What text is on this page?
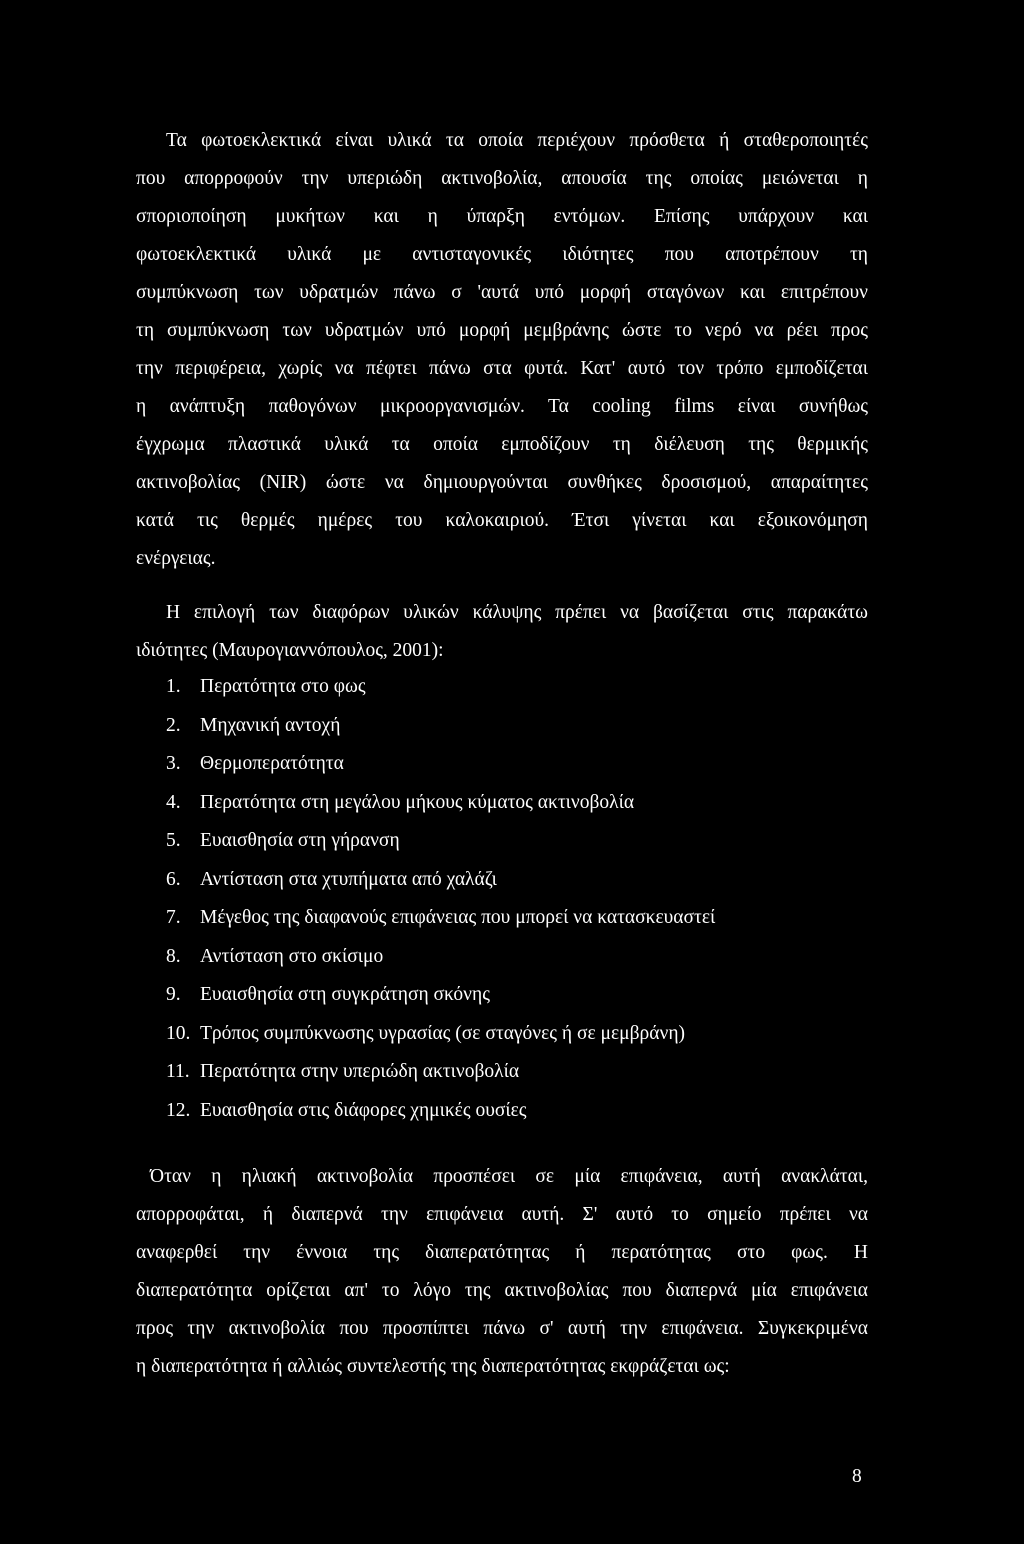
Τα φωτοεκλεκτικά είναι υλικά τα οποία περιέχουν πρόσθετα ή σταθεροποιητές
που απορροφούν την υπεριώδη ακτινοβολία, απουσία της οποίας μειώνεται η
σποριοποίηση μυκήτων και η ύπαρξη εντόμων. Επίσης υπάρχουν και
φωτοεκλεκτικά υλικά με αντισταγονικές ιδιότητες που αποτρέπουν τη
συμπύκνωση των υδρατμών πάνω σ 'αυτά υπό μορφή σταγόνων και επιτρέπουν
τη συμπύκνωση των υδρατμών υπό μορφή μεμβράνης ώστε το νερό να ρέει προς
την περιφέρεια, χωρίς να πέφτει πάνω στα φυτά. Κατ' αυτό τον τρόπο εμποδίζεται
η ανάπτυξη παθογόνων μικροοργανισμών. Τα cooling films είναι συνήθως
έγχρωμα πλαστικά υλικά τα οποία εμποδίζουν τη διέλευση της θερμικής
ακτινοβολίας (NIR) ώστε να δημιουργούνται συνθήκες δροσισμού, απαραίτητες
κατά τις θερμές ημέρες του καλοκαιριού. Έτσι γίνεται και εξοικονόμηση
ενέργειας.

Η επιλογή των διαφόρων υλικών κάλυψης πρέπει να βασίζεται στις παρακάτω
ιδιότητες (Μαυρογιαννόπουλος, 2001):

1. Περατότητα στο φως
2. Μηχανική αντοχή
3. Θερμοπερατότητα
4. Περατότητα στη μεγάλου μήκους κύματος ακτινοβολία
5. Ευαισθησία στη γήρανση
6. Αντίσταση στα χτυπήματα από χαλάζι
7. Μέγεθος της διαφανούς επιφάνειας που μπορεί να κατασκευαστεί
8. Αντίσταση στο σκίσιμο
9. Ευαισθησία στη συγκράτηση σκόνης
10. Τρόπος συμπύκνωσης υγρασίας (σε σταγόνες ή σε μεμβράνη)
11. Περατότητα στην υπεριώδη ακτινοβολία
12. Ευαισθησία στις διάφορες χημικές ουσίες

Όταν η ηλιακή ακτινοβολία προσπέσει σε μία επιφάνεια, αυτή ανακλάται,
απορροφάται, ή διαπερνά την επιφάνεια αυτή. Σ' αυτό το σημείο πρέπει να
αναφερθεί την έννοια της διαπερατότητας ή περατότητας στο φως. Η
διαπερατότητα ορίζεται απ' το λόγο της ακτινοβολίας που διαπερνά μία επιφάνεια
προς την ακτινοβολία που προσπίπτει πάνω σ' αυτή την επιφάνεια. Συγκεκριμένα
η διαπερατότητα ή αλλιώς συντελεστής της διαπερατότητας εκφράζεται ως:

8
